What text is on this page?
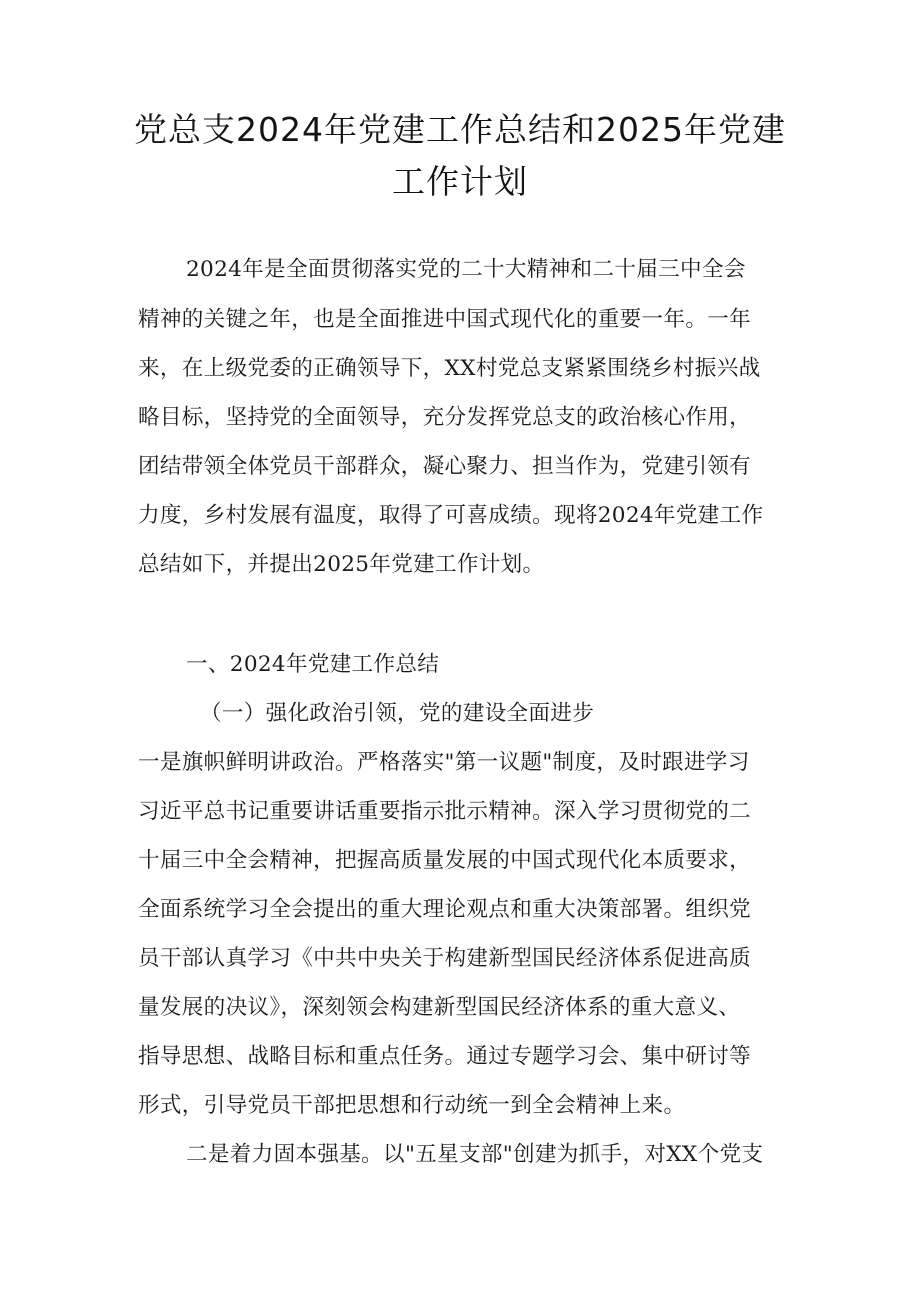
党总支2024年党建工作总结和2025年党建
工作计划
2024年是全面贯彻落实党的二十大精神和二十届三中全会
精神的关键之年，也是全面推进中国式现代化的重要一年。一年
来，在上级党委的正确领导下，XX村党总支紧紧围绕乡村振兴战
略目标，坚持党的全面领导，充分发挥党总支的政治核心作用，
团结带领全体党员干部群众，凝心聚力、担当作为，党建引领有
力度，乡村发展有温度，取得了可喜成绩。现将2024年党建工作
总结如下，并提出2025年党建工作计划。
一、2024年党建工作总结
（一）强化政治引领，党的建设全面进步
一是旗帜鲜明讲政治。严格落实"第一议题"制度，及时跟进学习
习近平总书记重要讲话重要指示批示精神。深入学习贯彻党的二
十届三中全会精神，把握高质量发展的中国式现代化本质要求，
全面系统学习全会提出的重大理论观点和重大决策部署。组织党
员干部认真学习《中共中央关于构建新型国民经济体系促进高质
量发展的决议》，深刻领会构建新型国民经济体系的重大意义、
指导思想、战略目标和重点任务。通过专题学习会、集中研讨等
形式，引导党员干部把思想和行动统一到全会精神上来。
二是着力固本强基。以"五星支部"创建为抓手，对XX个党支
